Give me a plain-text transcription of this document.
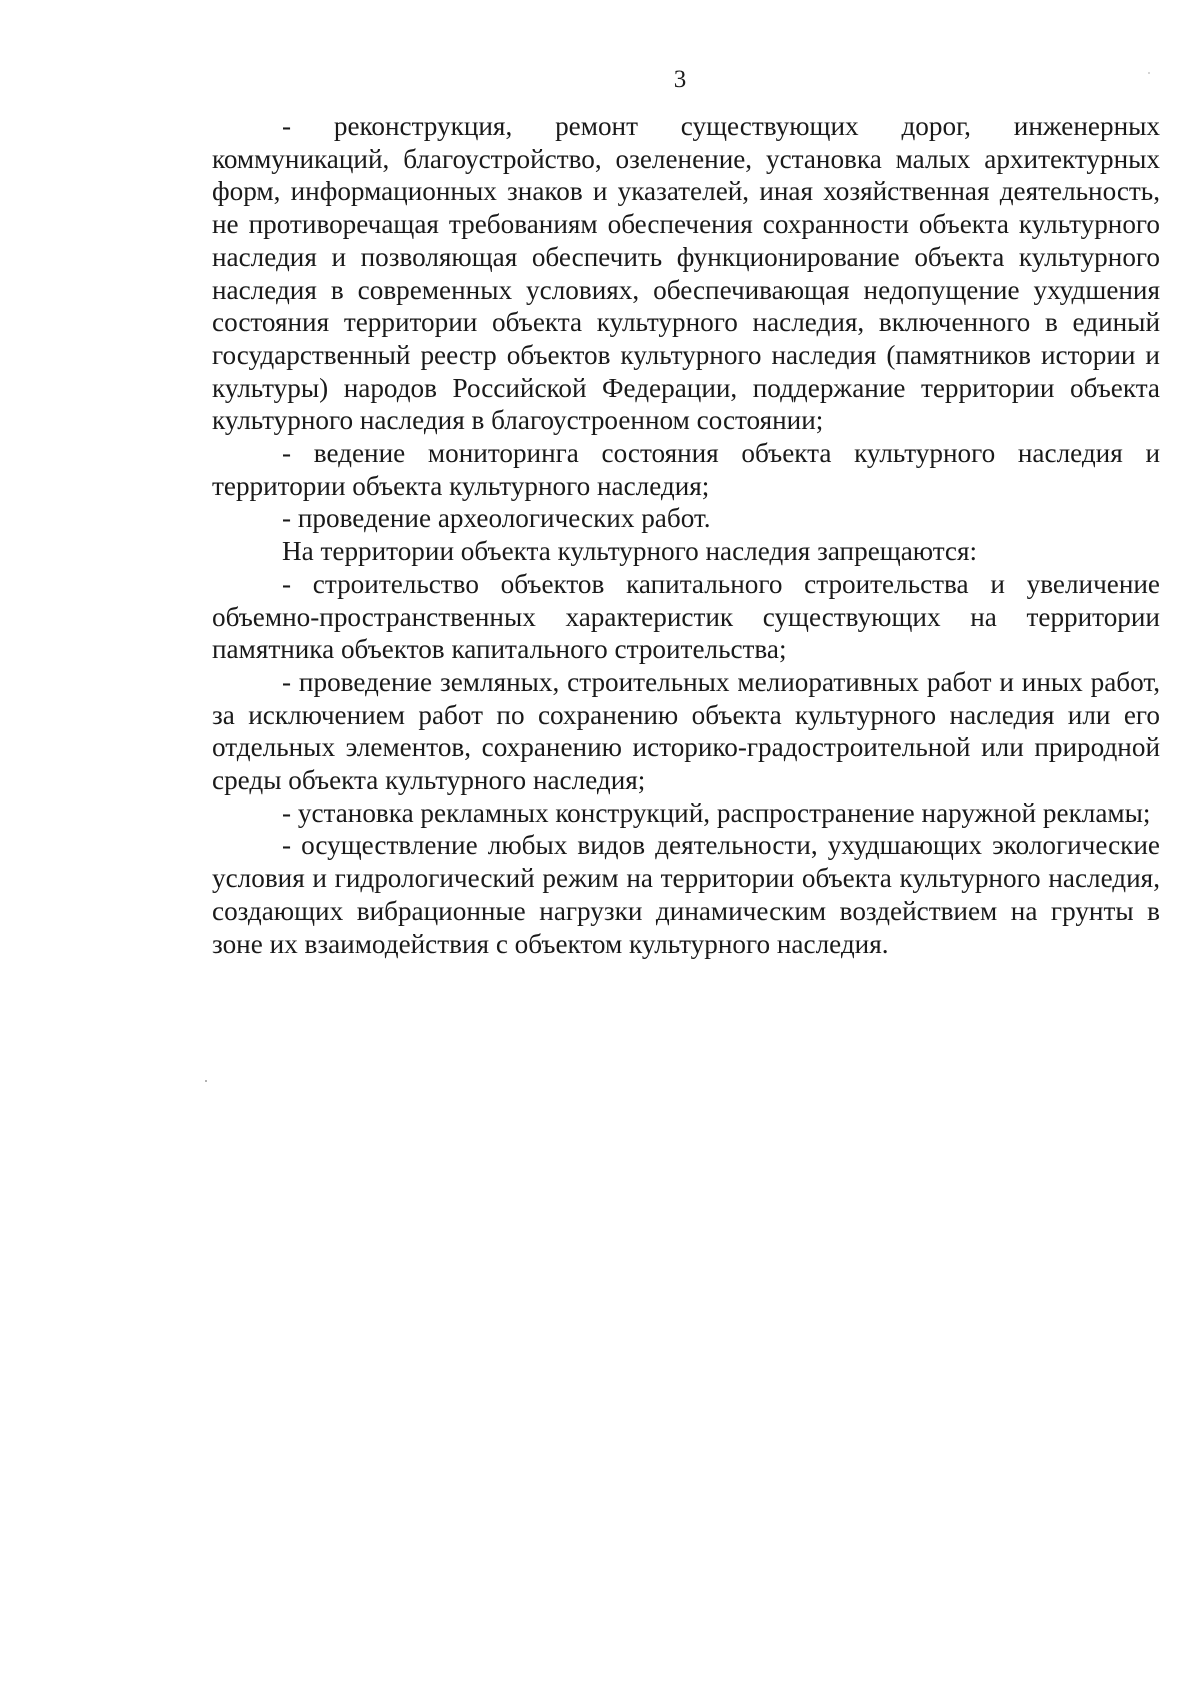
3

- реконструкция, ремонт существующих дорог, инженерных коммуникаций, благоустройство, озеленение, установка малых архитектурных форм, информационных знаков и указателей, иная хозяйственная деятельность, не противоречащая требованиям обеспечения сохранности объекта культурного наследия и позволяющая обеспечить функционирование объекта культурного наследия в современных условиях, обеспечивающая недопущение ухудшения состояния территории объекта культурного наследия, включенного в единый государственный реестр объектов культурного наследия (памятников истории и культуры) народов Российской Федерации, поддержание территории объекта культурного наследия в благоустроенном состоянии;

- ведение мониторинга состояния объекта культурного наследия и территории объекта культурного наследия;

- проведение археологических работ.

На территории объекта культурного наследия запрещаются:

- строительство объектов капитального строительства и увеличение объемно-пространственных характеристик существующих на территории памятника объектов капитального строительства;

- проведение земляных, строительных мелиоративных работ и иных работ, за исключением работ по сохранению объекта культурного наследия или его отдельных элементов, сохранению историко-градостроительной или природной среды объекта культурного наследия;

- установка рекламных конструкций, распространение наружной рекламы;

- осуществление любых видов деятельности, ухудшающих экологические условия и гидрологический режим на территории объекта культурного наследия, создающих вибрационные нагрузки динамическим воздействием на грунты в зоне их взаимодействия с объектом культурного наследия.
